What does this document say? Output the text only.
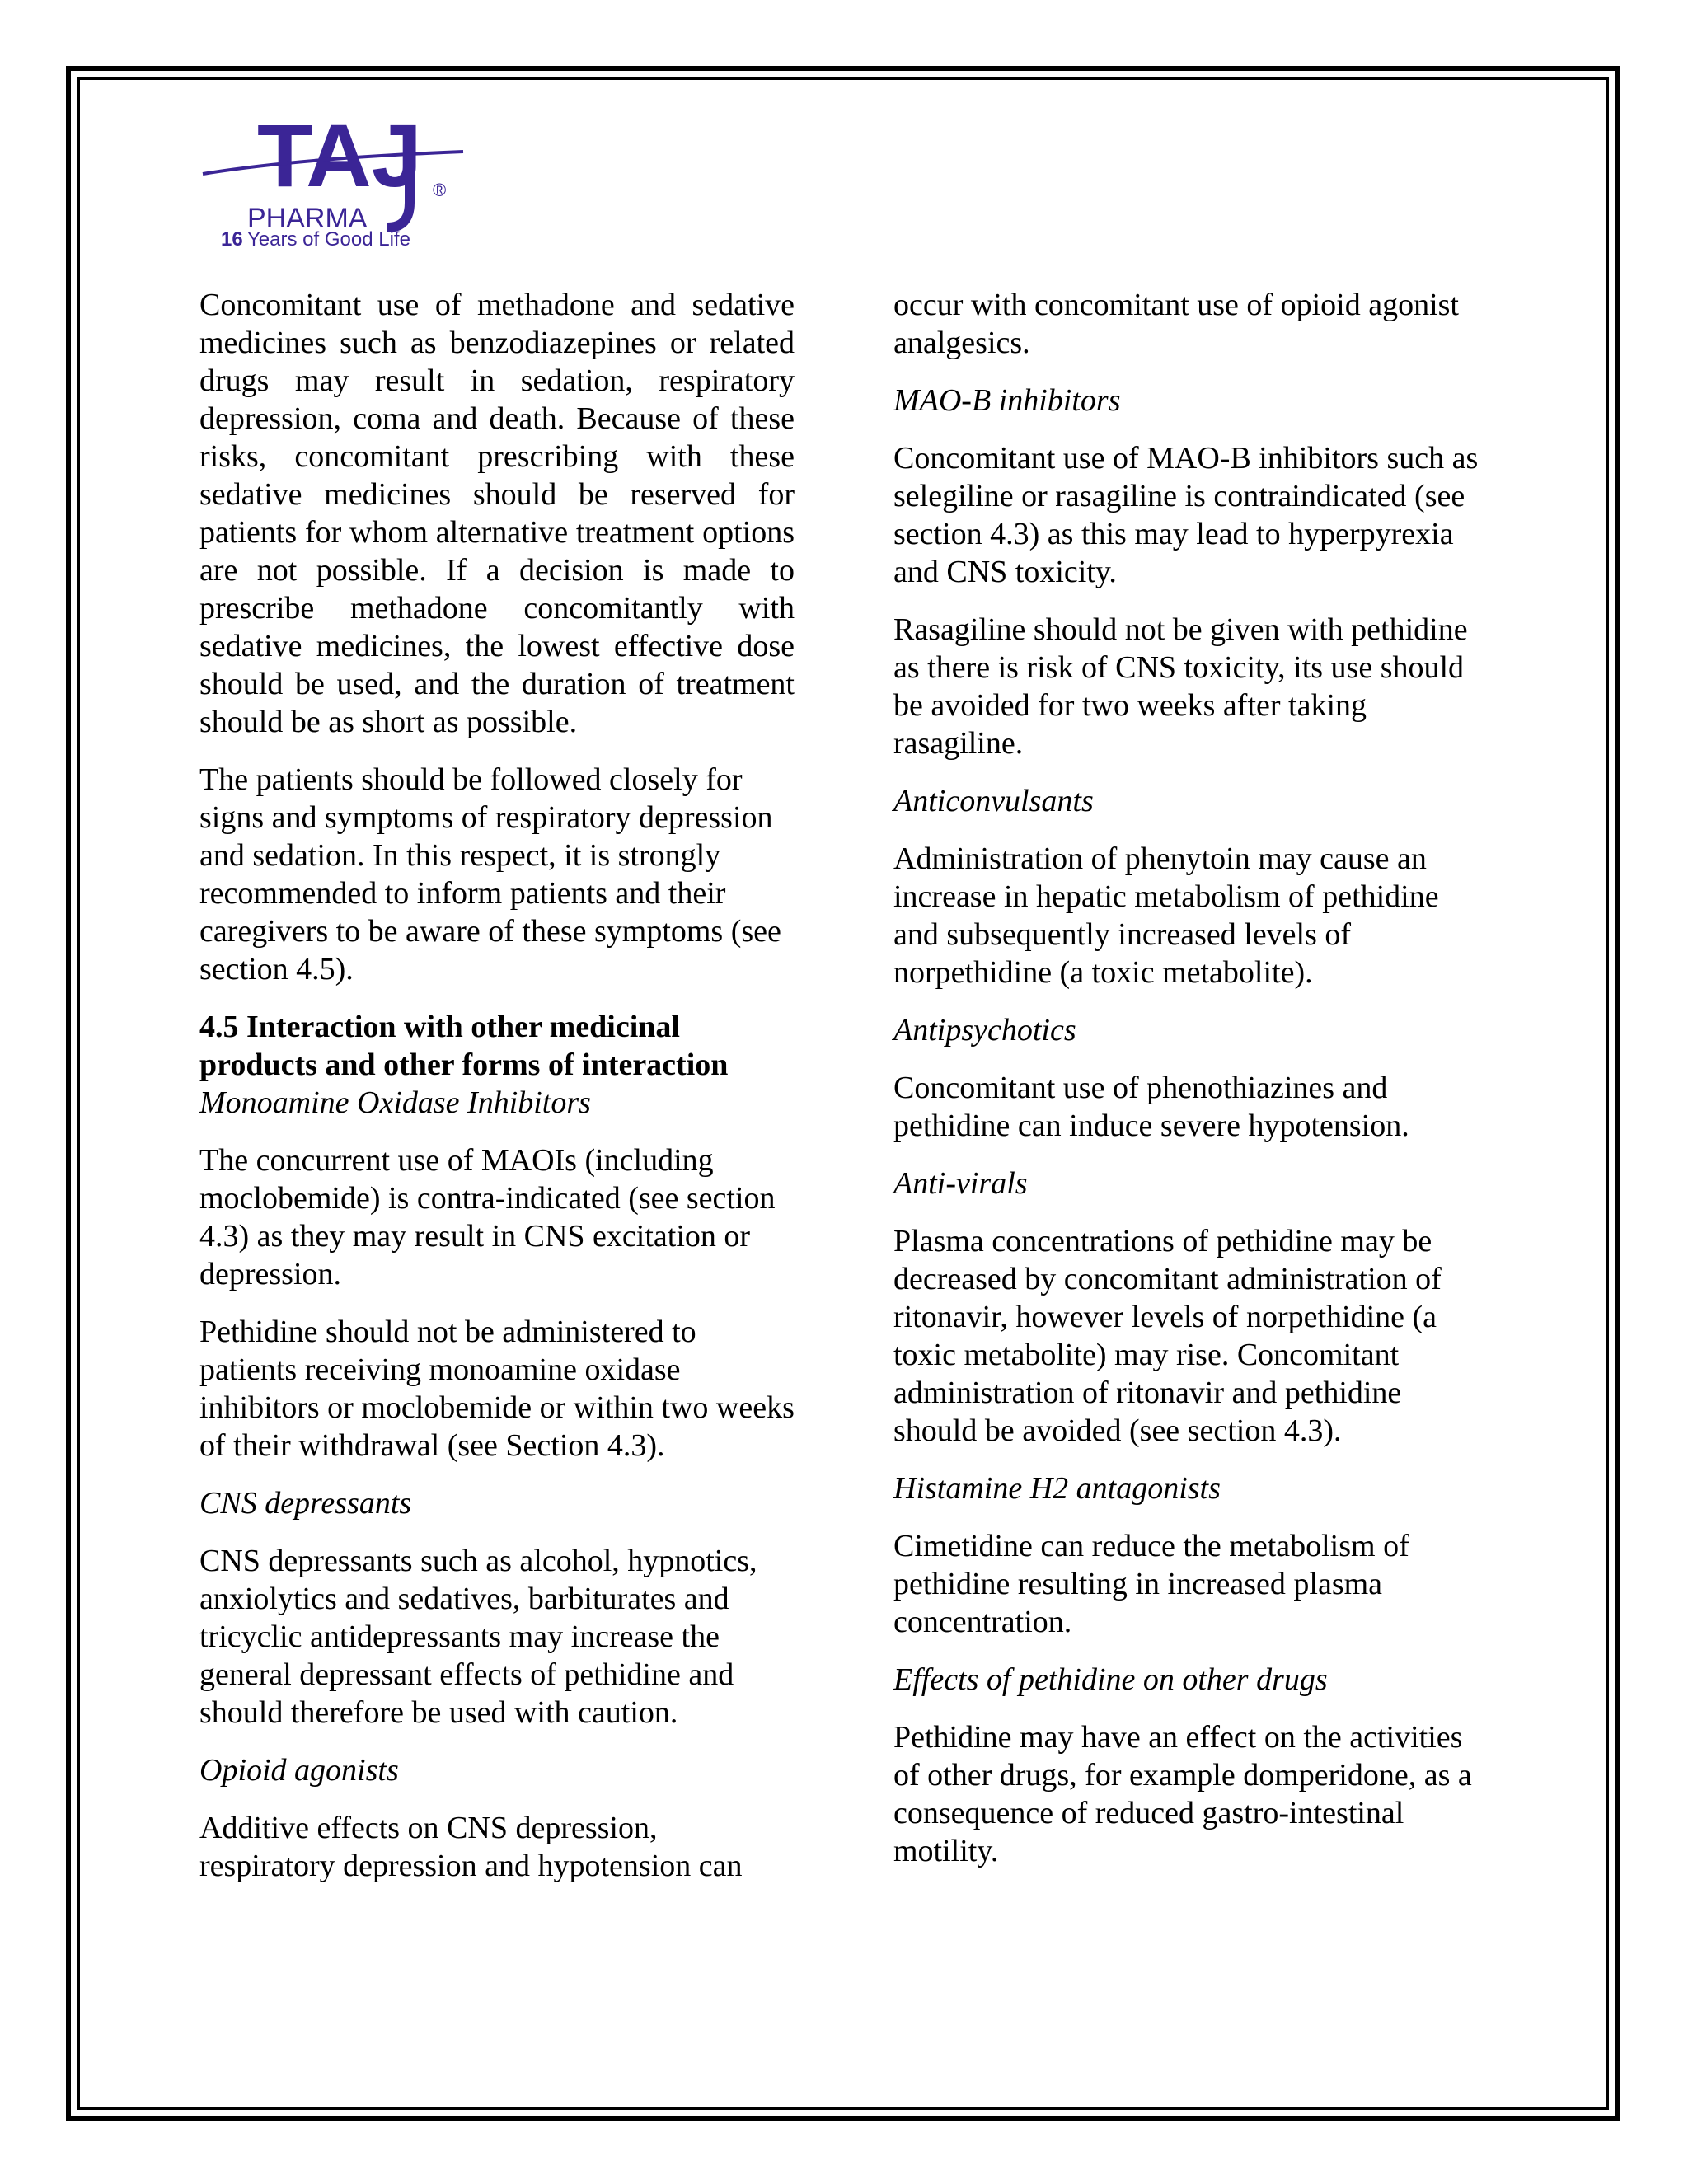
TAJ ®
PHARMA
16 Years of Good Life

Concomitant use of methadone and sedative medicines such as benzodiazepines or related drugs may result in sedation, respiratory depression, coma and death. Because of these risks, concomitant prescribing with these sedative medicines should be reserved for patients for whom alternative treatment options are not possible. If a decision is made to prescribe methadone concomitantly with sedative medicines, the lowest effective dose should be used, and the duration of treatment should be as short as possible.

The patients should be followed closely for signs and symptoms of respiratory depression and sedation. In this respect, it is strongly recommended to inform patients and their caregivers to be aware of these symptoms (see section 4.5).

4.5 Interaction with other medicinal products and other forms of interaction

Monoamine Oxidase Inhibitors

The concurrent use of MAOIs (including moclobemide) is contra-indicated (see section 4.3) as they may result in CNS excitation or depression.

Pethidine should not be administered to patients receiving monoamine oxidase inhibitors or moclobemide or within two weeks of their withdrawal (see Section 4.3).

CNS depressants

CNS depressants such as alcohol, hypnotics, anxiolytics and sedatives, barbiturates and tricyclic antidepressants may increase the general depressant effects of pethidine and should therefore be used with caution.

Opioid agonists

Additive effects on CNS depression, respiratory depression and hypotension can

occur with concomitant use of opioid agonist analgesics.

MAO-B inhibitors

Concomitant use of MAO-B inhibitors such as selegiline or rasagiline is contraindicated (see section 4.3) as this may lead to hyperpyrexia and CNS toxicity.

Rasagiline should not be given with pethidine as there is risk of CNS toxicity, its use should be avoided for two weeks after taking rasagiline.

Anticonvulsants

Administration of phenytoin may cause an increase in hepatic metabolism of pethidine and subsequently increased levels of norpethidine (a toxic metabolite).

Antipsychotics

Concomitant use of phenothiazines and pethidine can induce severe hypotension.

Anti-virals

Plasma concentrations of pethidine may be decreased by concomitant administration of ritonavir, however levels of norpethidine (a toxic metabolite) may rise. Concomitant administration of ritonavir and pethidine should be avoided (see section 4.3).

Histamine H2 antagonists

Cimetidine can reduce the metabolism of pethidine resulting in increased plasma concentration.

Effects of pethidine on other drugs

Pethidine may have an effect on the activities of other drugs, for example domperidone, as a consequence of reduced gastro-intestinal motility.
